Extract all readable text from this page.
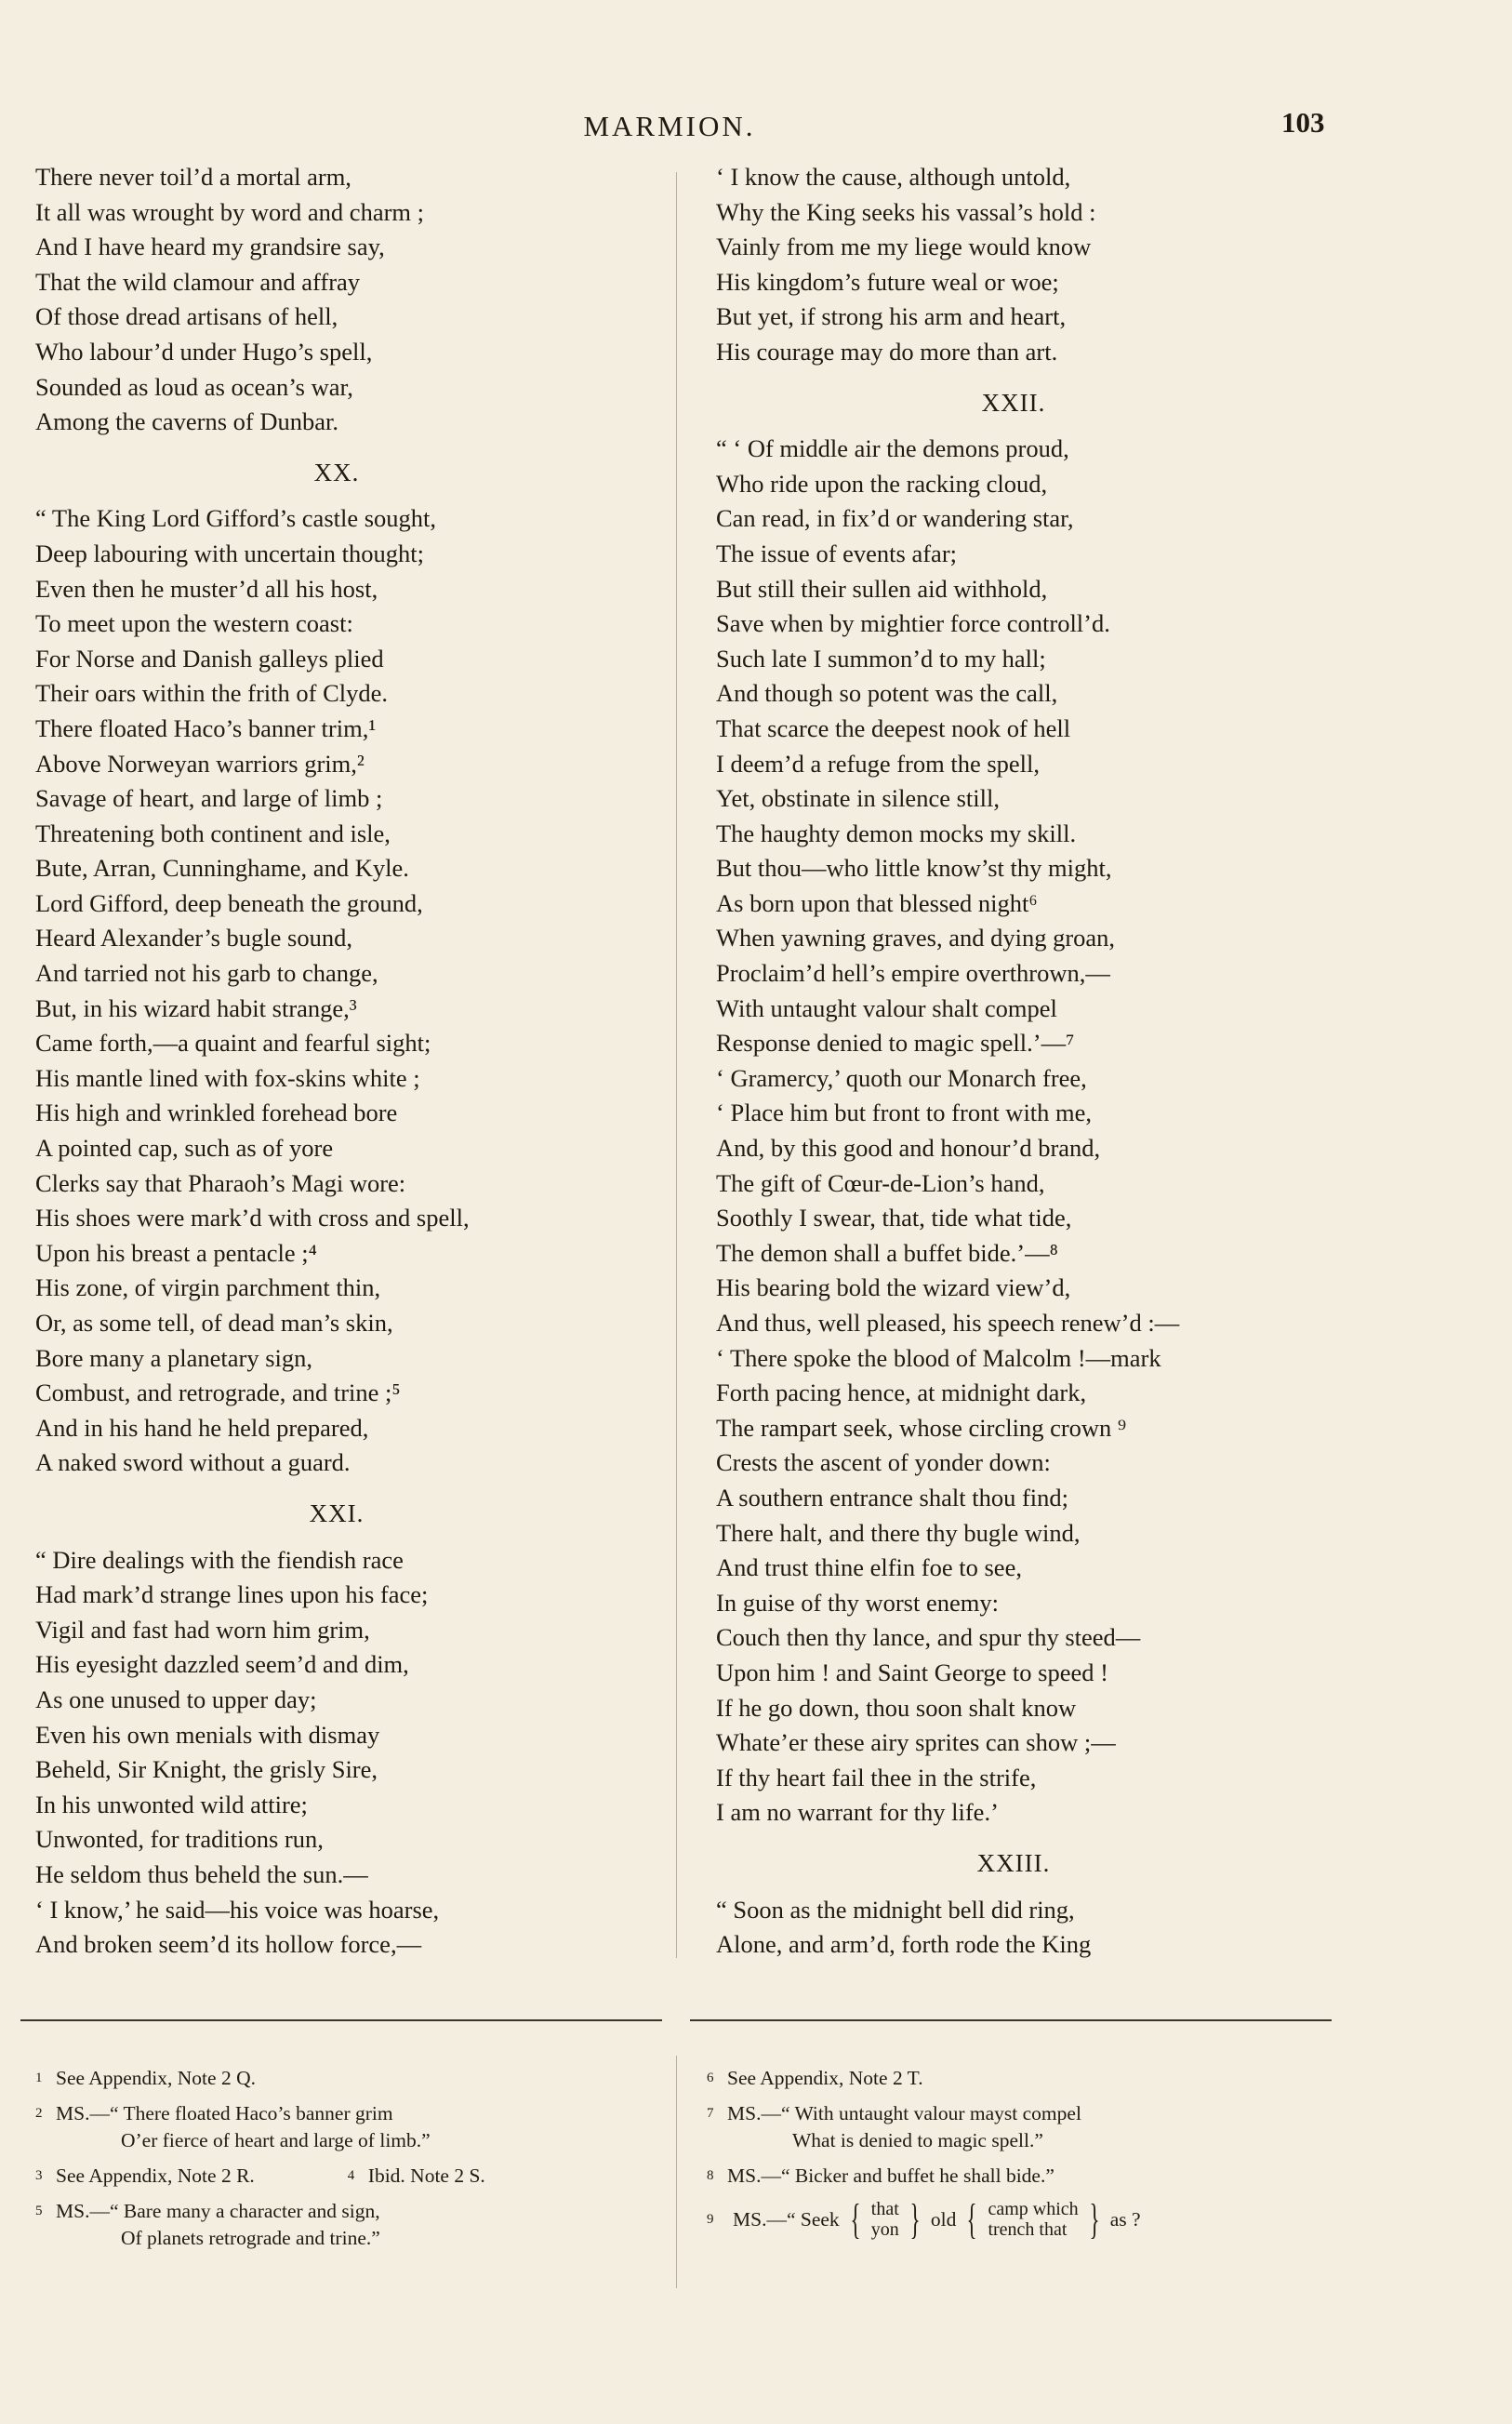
MARMION.	103
There never toil’d a mortal arm,
It all was wrought by word and charm ;
And I have heard my grandsire say,
That the wild clamour and affray
Of those dread artisans of hell,
Who labour’d under Hugo’s spell,
Sounded as loud as ocean’s war,
Among the caverns of Dunbar.
XX.
“ The King Lord Gifford’s castle sought,
Deep labouring with uncertain thought;
Even then he muster’d all his host,
To meet upon the western coast:
For Norse and Danish galleys plied
Their oars within the frith of Clyde.
There floated Haco’s banner trim,¹
Above Norweyan warriors grim,²
Savage of heart, and large of limb ;
Threatening both continent and isle,
Bute, Arran, Cunninghame, and Kyle.
Lord Gifford, deep beneath the ground,
Heard Alexander’s bugle sound,
And tarried not his garb to change,
But, in his wizard habit strange,³
Came forth,—a quaint and fearful sight;
His mantle lined with fox-skins white ;
His high and wrinkled forehead bore
A pointed cap, such as of yore
Clerks say that Pharaoh’s Magi wore:
His shoes were mark’d with cross and spell,
Upon his breast a pentacle ;⁴
His zone, of virgin parchment thin,
Or, as some tell, of dead man’s skin,
Bore many a planetary sign,
Combust, and retrograde, and trine ;⁵
And in his hand he held prepared,
A naked sword without a guard.
XXI.
“ Dire dealings with the fiendish race
Had mark’d strange lines upon his face;
Vigil and fast had worn him grim,
His eyesight dazzled seem’d and dim,
As one unused to upper day;
Even his own menials with dismay
Beheld, Sir Knight, the grisly Sire,
In his unwonted wild attire;
Unwonted, for traditions run,
He seldom thus beheld the sun.—
‘ I know,’ he said—his voice was hoarse,
And broken seem’d its hollow force,—
‘ I know the cause, although untold,
Why the King seeks his vassal’s hold :
Vainly from me my liege would know
His kingdom’s future weal or woe;
But yet, if strong his arm and heart,
His courage may do more than art.
XXII.
“ ‘ Of middle air the demons proud,
Who ride upon the racking cloud,
Can read, in fix’d or wandering star,
The issue of events afar;
But still their sullen aid withhold,
Save when by mightier force controll’d.
Such late I summon’d to my hall;
And though so potent was the call,
That scarce the deepest nook of hell
I deem’d a refuge from the spell,
Yet, obstinate in silence still,
The haughty demon mocks my skill.
But thou—who little know’st thy might,
As born upon that blessed night⁶
When yawning graves, and dying groan,
Proclaim’d hell’s empire overthrown,—
With untaught valour shalt compel
Response denied to magic spell.’—⁷
‘ Gramercy,’ quoth our Monarch free,
‘ Place him but front to front with me,
And, by this good and honour’d brand,
The gift of Cœur-de-Lion’s hand,
Soothly I swear, that, tide what tide,
The demon shall a buffet bide.’—⁸
His bearing bold the wizard view’d,
And thus, well pleased, his speech renew’d :—
‘ There spoke the blood of Malcolm !—mark
Forth pacing hence, at midnight dark,
The rampart seek, whose circling crown ⁹
Crests the ascent of yonder down:
A southern entrance shalt thou find;
There halt, and there thy bugle wind,
And trust thine elfin foe to see,
In guise of thy worst enemy:
Couch then thy lance, and spur thy steed—
Upon him ! and Saint George to speed !
If he go down, thou soon shalt know
Whate’er these airy sprites can show ;—
If thy heart fail thee in the strife,
I am no warrant for thy life.’
XXIII.
“ Soon as the midnight bell did ring,
Alone, and arm’d, forth rode the King
1 See Appendix, Note 2 Q.
2 MS.—“ There floated Haco’s banner grim
O’er fierce of heart and large of limb.”
3 See Appendix, Note 2 R.	4 Ibid. Note 2 S.
5 MS.—“ Bare many a character and sign,
Of planets retrograde and trine.”
6 See Appendix, Note 2 T.
7 MS.—“ With untaught valour mayst compel
What is denied to magic spell.”
8 MS.—“ Bicker and buffet he shall bide.”
9 MS.—“ Seek { that
yon } old { camp which
trench that } as ?
